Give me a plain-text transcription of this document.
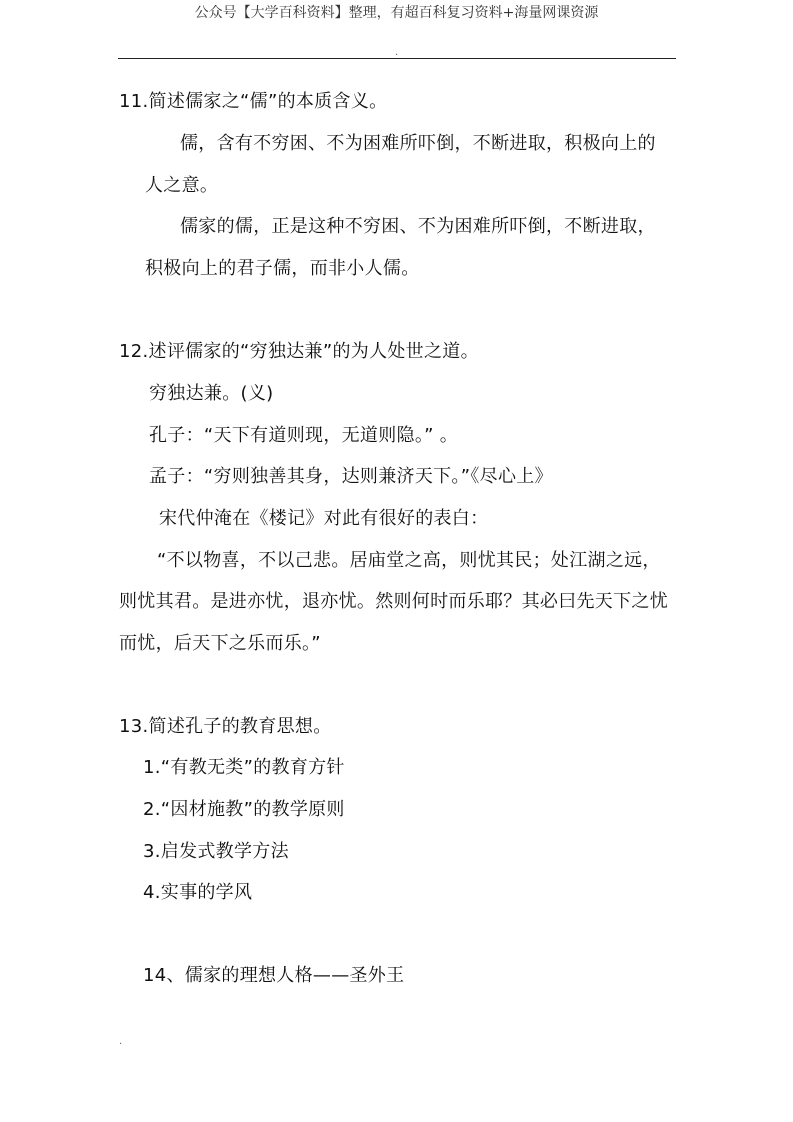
公众号【大学百科资料】整理，有超百科复习资料+海量网课资源
.
11.简述儒家之“儒”的本质含义。
儒，含有不穷困、不为困难所吓倒，不断进取，积极向上的
人之意。
儒家的儒，正是这种不穷困、不为困难所吓倒，不断进取，
积极向上的君子儒，而非小人儒。
12.述评儒家的“穷独达兼”的为人处世之道。
穷独达兼。(义)
孔子：“天下有道则现，无道则隐。” 。
孟子：“穷则独善其身，达则兼济天下。”《尽心上》
宋代仲淹在《楼记》对此有很好的表白：
“不以物喜，不以己悲。居庙堂之高，则忧其民；处江湖之远，
则忧其君。是进亦忧，退亦忧。然则何时而乐耶？其必曰先天下之忧
而忧，后天下之乐而乐。”
13.简述孔子的教育思想。
1.“有教无类”的教育方针
2.“因材施教”的教学原则
3.启发式教学方法
4.实事的学风
14、儒家的理想人格——圣外王
.
